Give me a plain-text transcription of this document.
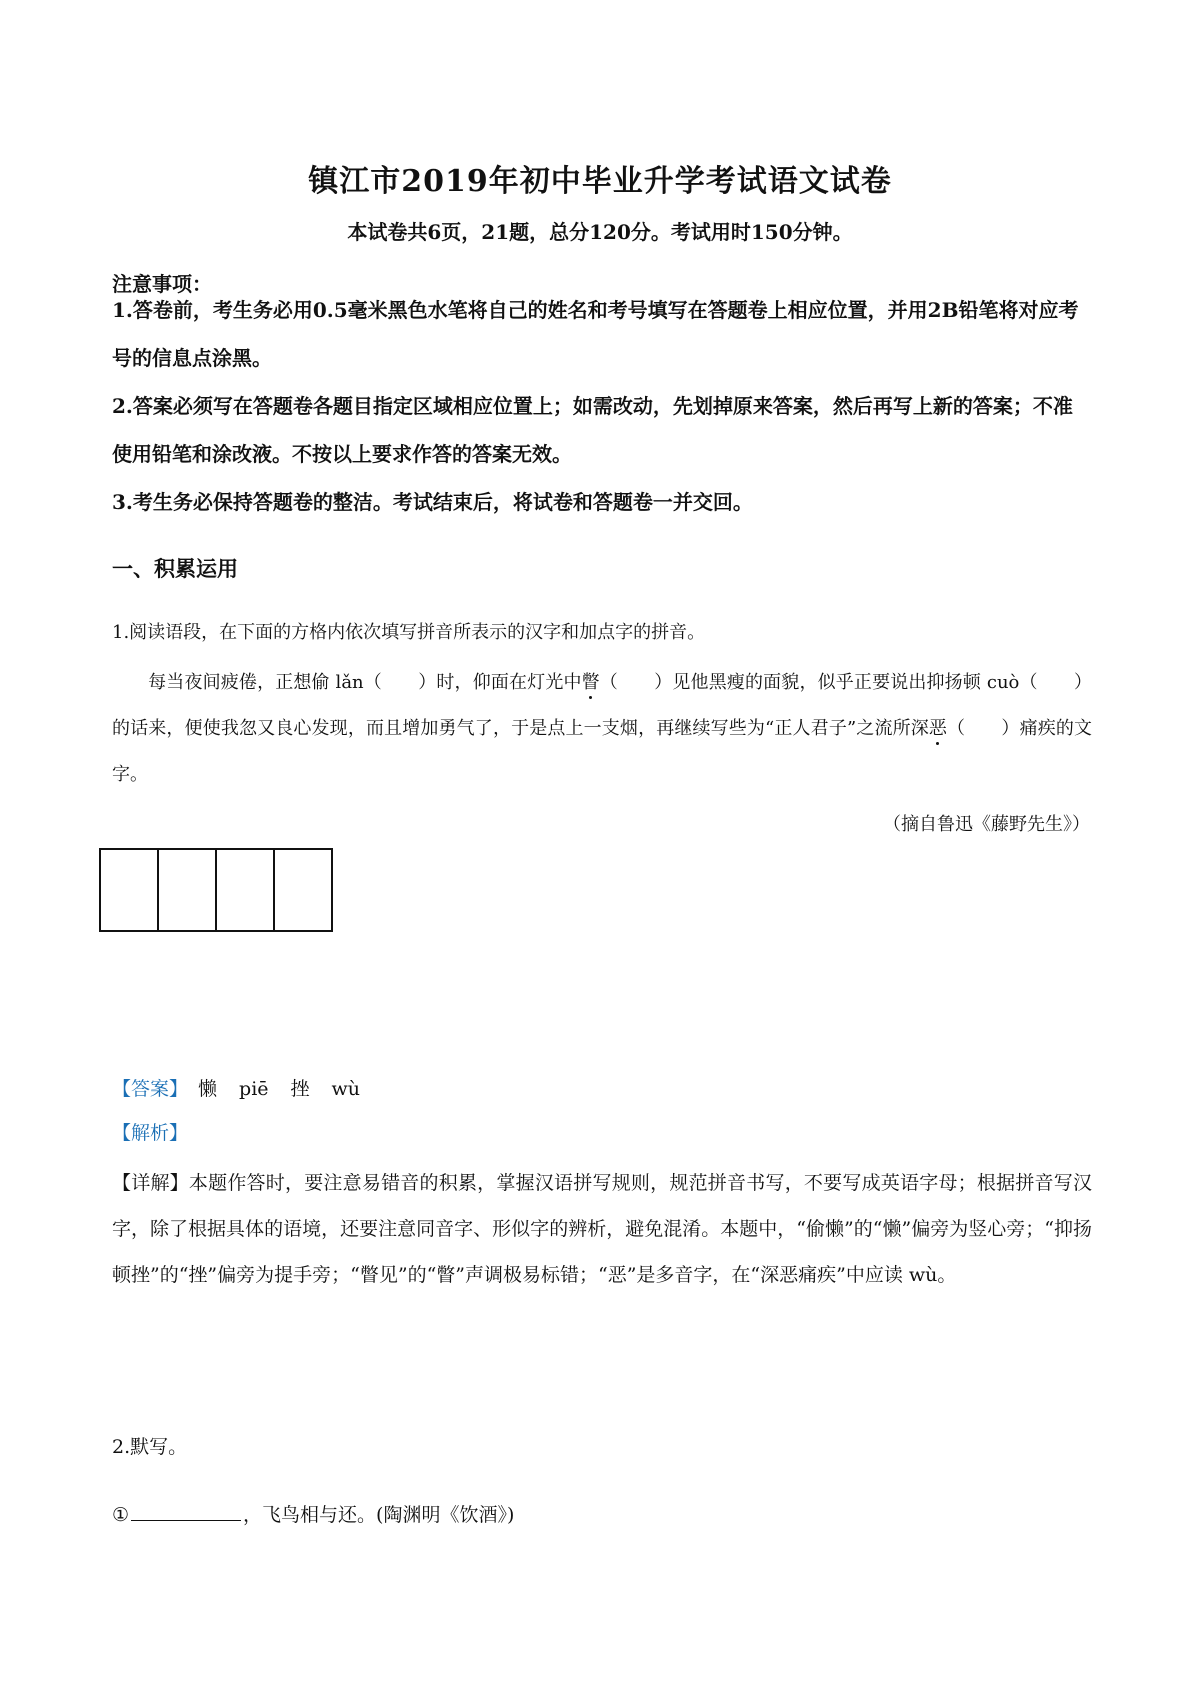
镇江市2019年初中毕业升学考试语文试卷
本试卷共6页，21题，总分120分。考试用时150分钟。
注意事项：
1.答卷前，考生务必用0.5毫米黑色水笔将自己的姓名和考号填写在答题卷上相应位置，并用2B铅笔将对应考号的信息点涂黑。
2.答案必须写在答题卷各题目指定区域相应位置上；如需改动，先划掉原来答案，然后再写上新的答案；不准使用铅笔和涂改液。不按以上要求作答的答案无效。
3.考生务必保持答题卷的整洁。考试结束后，将试卷和答题卷一并交回。
一、积累运用
1.阅读语段，在下面的方格内依次填写拼音所表示的汉字和加点字的拼音。
每当夜间疲倦，正想偷 lǎn（　　）时，仰面在灯光中瞥（　　）见他黑瘦的面貌，似乎正要说出抑扬顿 cuò（　　）的话来，便使我忽又良心发现，而且增加勇气了，于是点上一支烟，再继续写些为“正人君子”之流所深恶（　　）痛疾的文字。
（摘自鲁迅《藤野先生》）
【答案】 懒 piē 挫 wù
【解析】
【详解】本题作答时，要注意易错音的积累，掌握汉语拼写规则，规范拼音书写，不要写成英语字母；根据拼音写汉字，除了根据具体的语境，还要注意同音字、形似字的辨析，避免混淆。本题中，“偷懒”的“懒”偏旁为竖心旁；“抑扬顿挫”的“挫”偏旁为提手旁；“瞥见”的“瞥”声调极易标错；“恶”是多音字，在“深恶痛疾”中应读 wù。
2.默写。
①	，飞鸟相与还。(陶渊明《饮酒》)
